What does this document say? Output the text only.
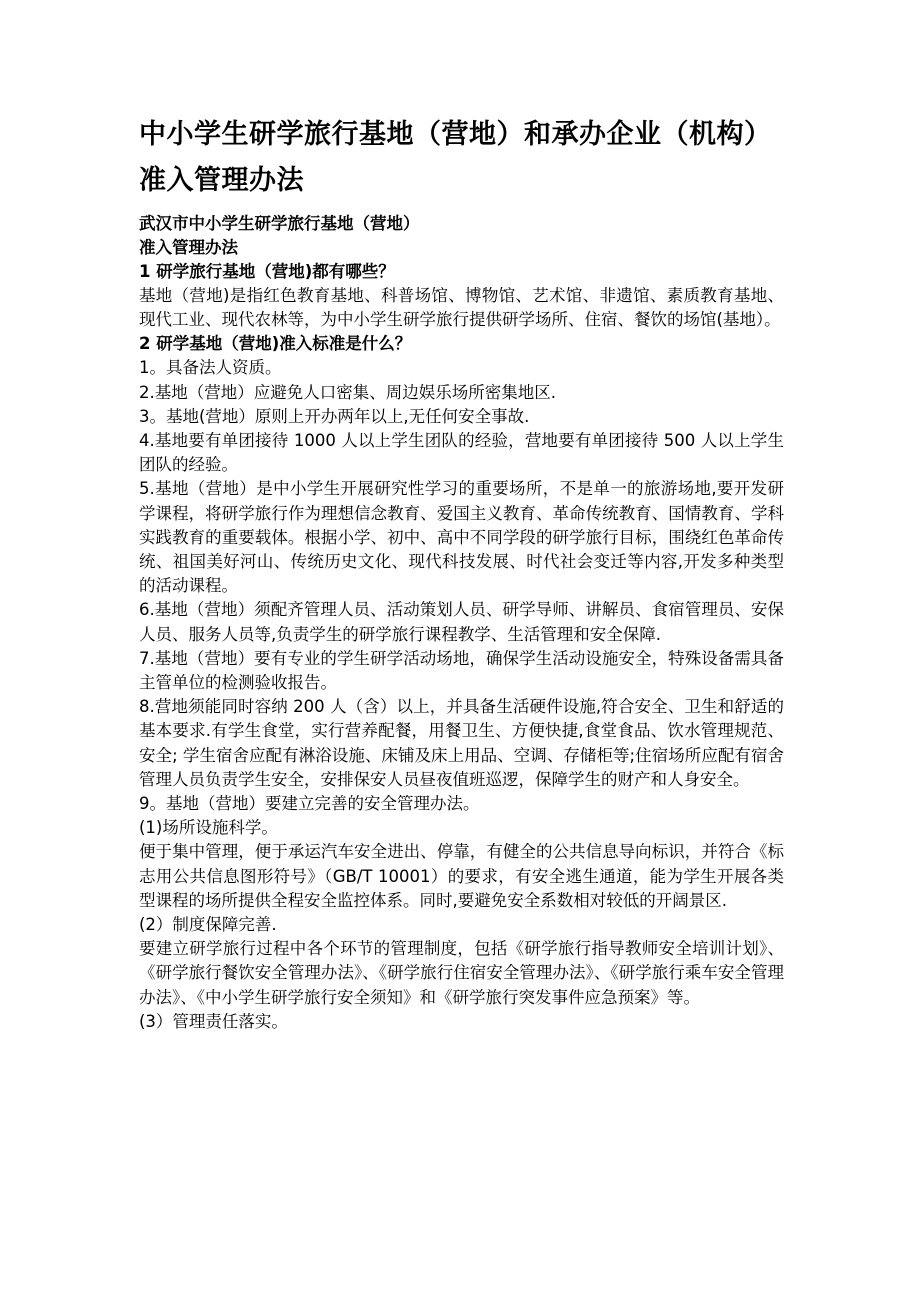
中小学生研学旅行基地（营地）和承办企业（机构）准入管理办法

武汉市中小学生研学旅行基地（营地）

准入管理办法

1 研学旅行基地（营地)都有哪些？

基地（营地)是指红色教育基地、科普场馆、博物馆、艺术馆、非遗馆、素质教育基地、现代工业、现代农林等，为中小学生研学旅行提供研学场所、住宿、餐饮的场馆(基地）。

2 研学基地（营地)准入标准是什么？

1。具备法人资质。

2.基地（营地）应避免人口密集、周边娱乐场所密集地区.

3。基地(营地）原则上开办两年以上,无任何安全事故.

4.基地要有单团接待 1000 人以上学生团队的经验，营地要有单团接待 500 人以上学生团队的经验。

5.基地（营地）是中小学生开展研究性学习的重要场所，不是单一的旅游场地,要开发研学课程，将研学旅行作为理想信念教育、爱国主义教育、革命传统教育、国情教育、学科实践教育的重要载体。根据小学、初中、高中不同学段的研学旅行目标，围绕红色革命传统、祖国美好河山、传统历史文化、现代科技发展、时代社会变迁等内容,开发多种类型的活动课程。

6.基地（营地）须配齐管理人员、活动策划人员、研学导师、讲解员、食宿管理员、安保人员、服务人员等,负责学生的研学旅行课程教学、生活管理和安全保障.

7.基地（营地）要有专业的学生研学活动场地，确保学生活动设施安全，特殊设备需具备主管单位的检测验收报告。

8.营地须能同时容纳 200 人（含）以上，并具备生活硬件设施,符合安全、卫生和舒适的基本要求.有学生食堂，实行营养配餐，用餐卫生、方便快捷,食堂食品、饮水管理规范、安全; 学生宿舍应配有淋浴设施、床铺及床上用品、空调、存储柜等;住宿场所应配有宿舍管理人员负责学生安全，安排保安人员昼夜值班巡逻，保障学生的财产和人身安全。

9。基地（营地）要建立完善的安全管理办法。

(1)场所设施科学。

便于集中管理，便于承运汽车安全进出、停靠，有健全的公共信息导向标识，并符合《标志用公共信息图形符号》（GB/T 10001）的要求，有安全逃生通道，能为学生开展各类型课程的场所提供全程安全监控体系。同时,要避免安全系数相对较低的开阔景区.

(2）制度保障完善.

要建立研学旅行过程中各个环节的管理制度，包括《研学旅行指导教师安全培训计划》、《研学旅行餐饮安全管理办法》、《研学旅行住宿安全管理办法》、《研学旅行乘车安全管理办法》、《中小学生研学旅行安全须知》和《研学旅行突发事件应急预案》等。

(3）管理责任落实。
